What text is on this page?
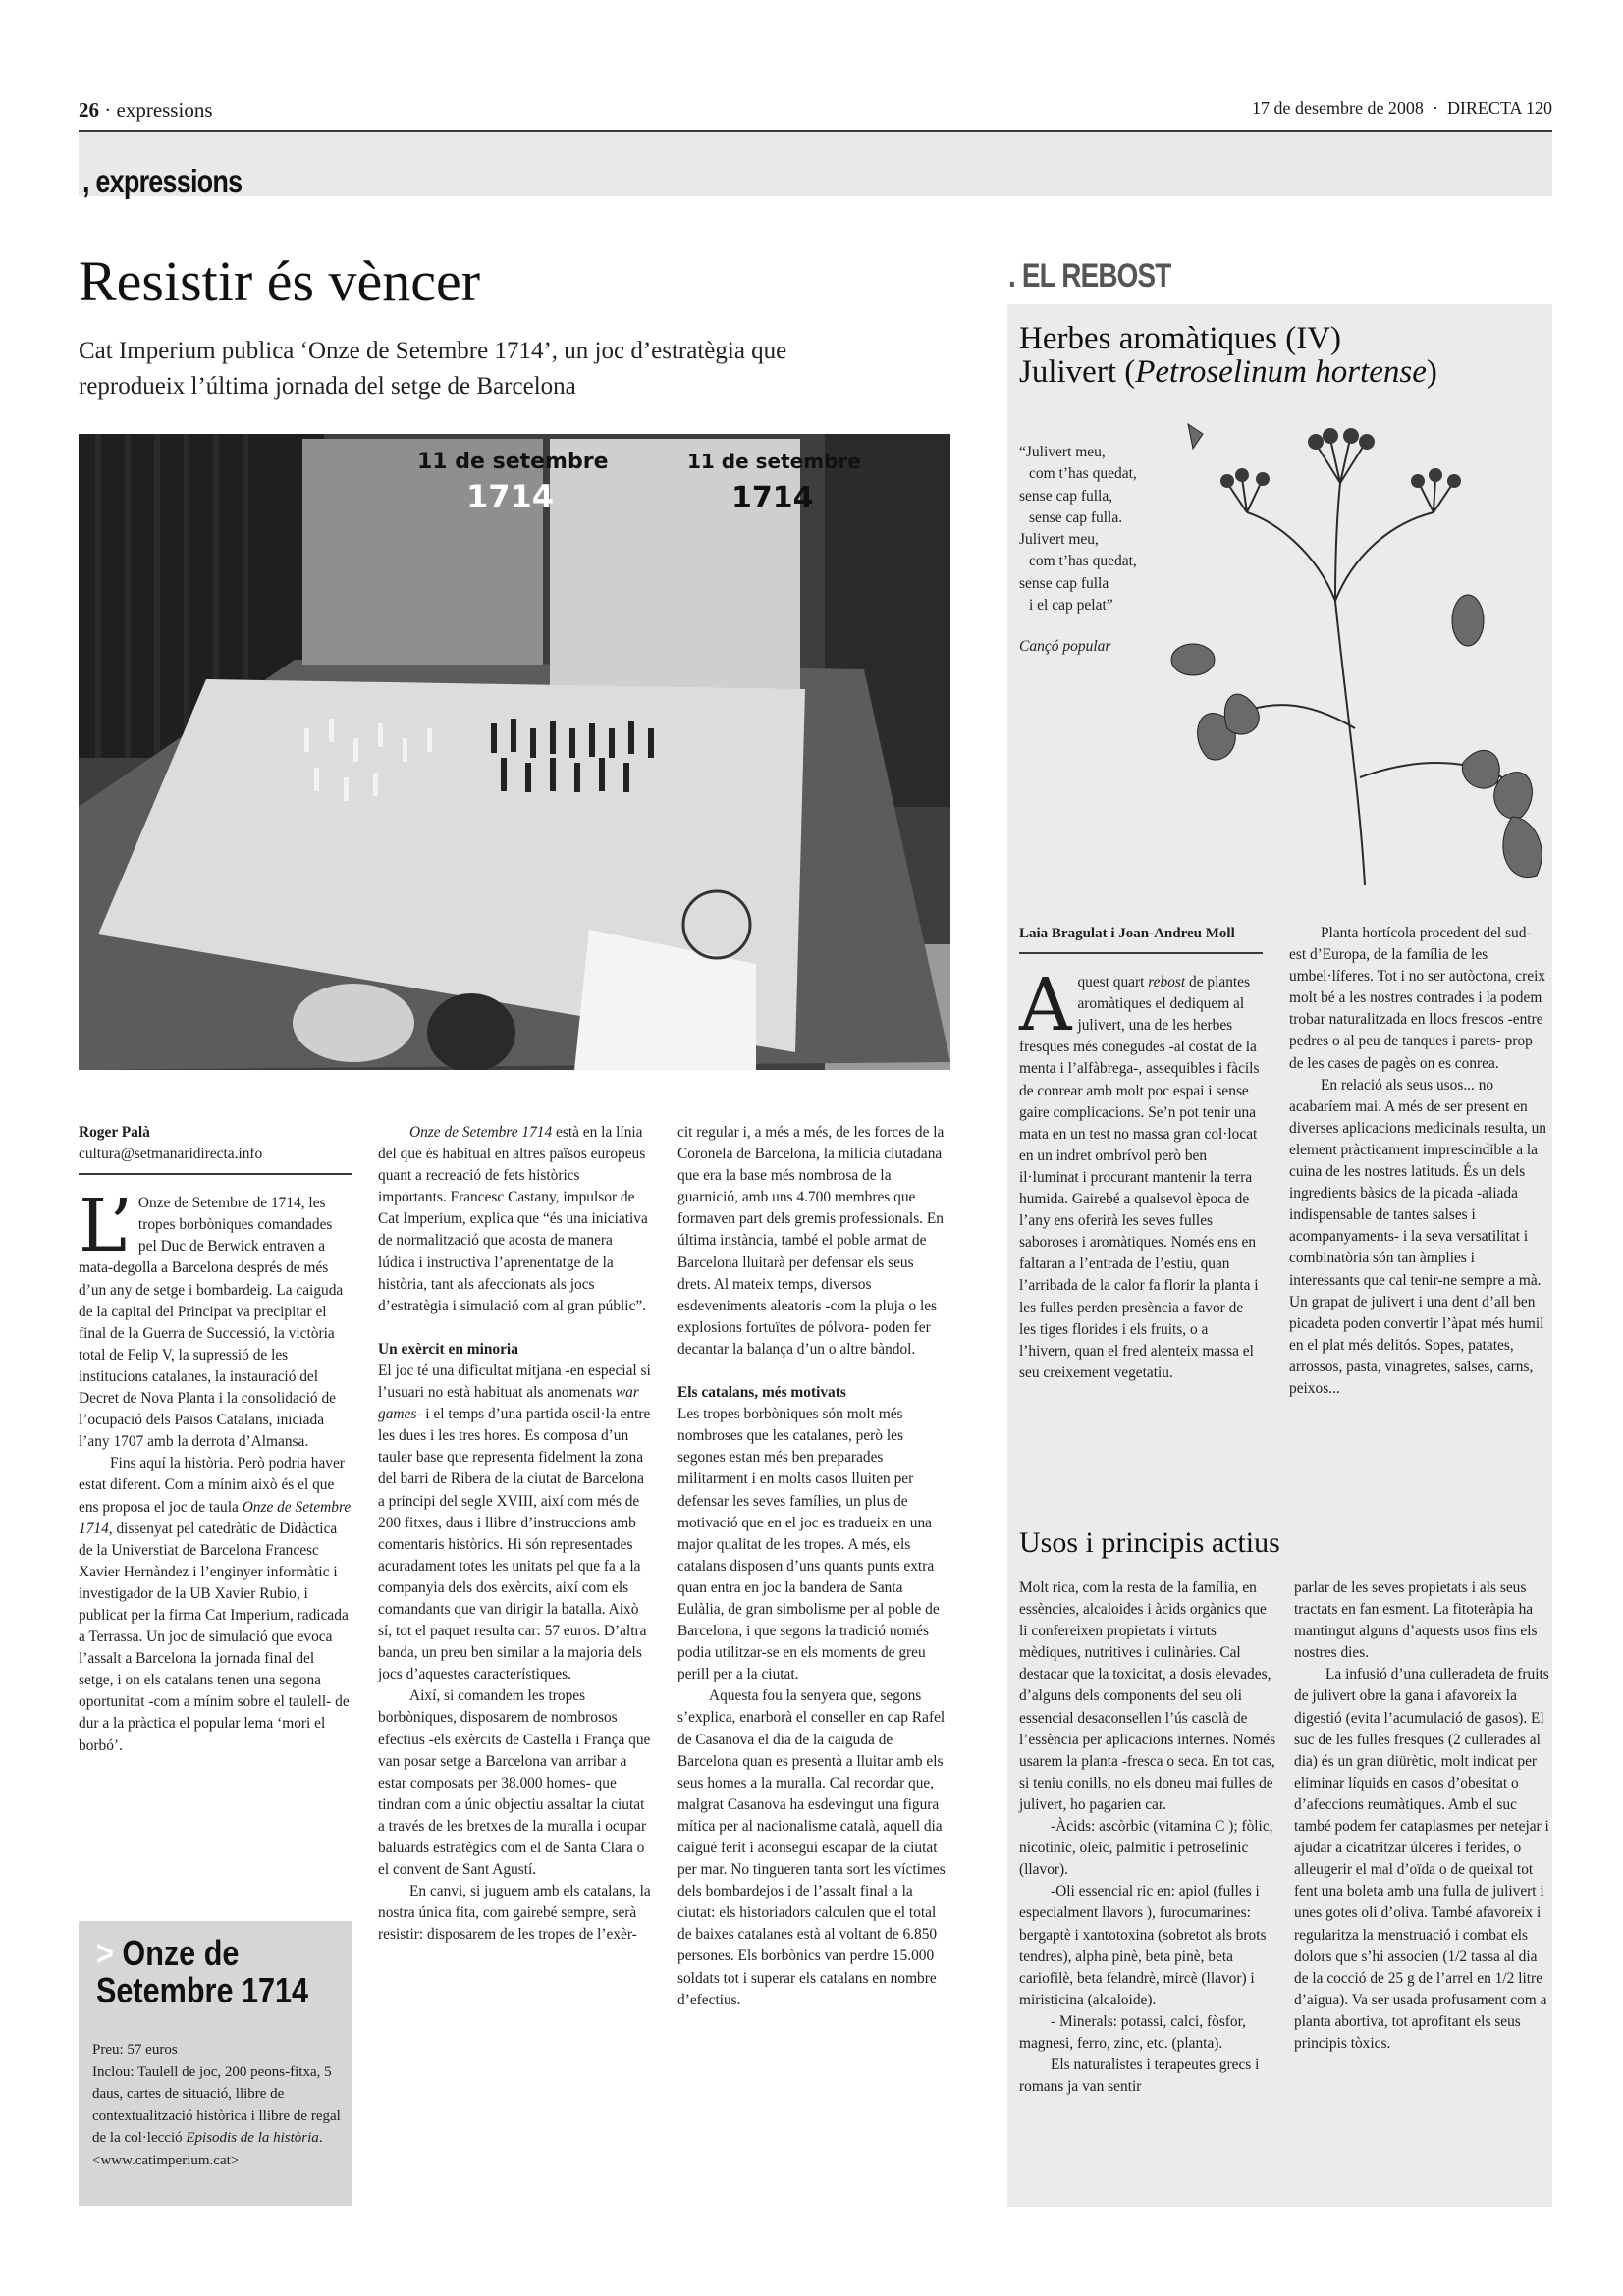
26 · expressions	17 de desembre de 2008  ·  DIRECTA 120
, expressions
Resistir és vèncer
Cat Imperium publica ‘Onze de Setembre 1714’, un joc d’estratègia que reprodueix l’última jornada del setge de Barcelona
11 de setembre
1714
11 de setembre
1714
Roger Palà
cultura@setmanaridirecta.info

L’ Onze de Setembre de 1714, les tropes borbòniques comandades pel Duc de Berwick entraven a mata-degolla a Barcelona després de més d’un any de setge i bombardeig. La caiguda de la capital del Principat va precipitar el final de la Guerra de Successió, la victòria total de Felip V, la supressió de les institucions catalanes, la instauració del Decret de Nova Planta i la consolidació de l’ocupació dels Països Catalans, iniciada l’any 1707 amb la derrota d’Almansa.

Fins aquí la història. Però podria haver estat diferent. Com a mínim això és el que ens proposa el joc de taula Onze de Setembre 1714, dissenyat pel catedràtic de Didàctica de la Universtiat de Barcelona Francesc Xavier Hernàndez i l’enginyer informàtic i investigador de la UB Xavier Rubio, i publicat per la firma Cat Imperium, radicada a Terrassa. Un joc de simulació que evoca l’assalt a Barcelona la jornada final del setge, i on els catalans tenen una segona oportunitat -com a mínim sobre el taulell- de dur a la pràctica el popular lema ‘mori el borbó’.

> Onze de
Setembre 1714

Preu: 57 euros

Inclou: Taulell de joc, 200 peons-fitxa, 5 daus, cartes de situació, llibre de contextualització històrica i llibre de regal de la col·lecció Episodis de la història.

<www.catimperium.cat>

Onze de Setembre 1714 està en la línia del que és habitual en altres països europeus quant a recreació de fets històrics importants. Francesc Castany, impulsor de Cat Imperium, explica que “és una iniciativa de normalització que acosta de manera lúdica i instructiva l’aprenentatge de la història, tant als afeccionats als jocs d’estratègia i simulació com al gran públic”.

Un exèrcit en minoria

El joc té una dificultat mitjana -en especial si l’usuari no està habituat als anomenats war games- i el temps d’una partida oscil·la entre les dues i les tres hores. Es composa d’un tauler base que representa fidelment la zona del barri de Ribera de la ciutat de Barcelona a principi del segle XVIII, així com més de 200 fitxes, daus i llibre d’instruccions amb comentaris històrics. Hi són representades acuradament totes les unitats pel que fa a la companyia dels dos exèrcits, així com els comandants que van dirigir la batalla. Això sí, tot el paquet resulta car: 57 euros. D’altra banda, un preu ben similar a la majoria dels jocs d’aquestes característiques.

Així, si comandem les tropes borbòniques, disposarem de nombrosos efectius -els exèrcits de Castella i França que van posar setge a Barcelona van arribar a estar composats per 38.000 homes- que tindran com a únic objectiu assaltar la ciutat a través de les bretxes de la muralla i ocupar baluards estratègics com el de Santa Clara o el convent de Sant Agustí.

En canvi, si juguem amb els catalans, la nostra única fita, com gairebé sempre, serà resistir: disposarem de les tropes de l’exèr-

cit regular i, a més a més, de les forces de la Coronela de Barcelona, la milícia ciutadana que era la base més nombrosa de la guarnició, amb uns 4.700 membres que formaven part dels gremis professionals. En última instància, també el poble armat de Barcelona lluitarà per defensar els seus drets. Al mateix temps, diversos esdeveniments aleatoris -com la pluja o les explosions fortuïtes de pólvora- poden fer decantar la balança d’un o altre bàndol.

Els catalans, més motivats

Les tropes borbòniques són molt més nombroses que les catalanes, però les segones estan més ben preparades militarment i en molts casos lluiten per defensar les seves famílies, un plus de motivació que en el joc es tradueix en una major qualitat de les tropes. A més, els catalans disposen d’uns quants punts extra quan entra en joc la bandera de Santa Eulàlia, de gran simbolisme per al poble de Barcelona, i que segons la tradició només podia utilitzar-se en els moments de greu perill per a la ciutat.

Aquesta fou la senyera que, segons s’explica, enarborà el conseller en cap Rafel de Casanova el dia de la caiguda de Barcelona quan es presentà a lluitar amb els seus homes a la muralla. Cal recordar que, malgrat Casanova ha esdevingut una figura mítica per al nacionalisme català, aquell dia caigué ferit i aconseguí escapar de la ciutat per mar. No tingueren tanta sort les víctimes dels bombardejos i de l’assalt final a la ciutat: els historiadors calculen que el total de baixes catalanes està al voltant de 6.850 persones. Els borbònics van perdre 15.000 soldats tot i superar els catalans en nombre d’efectius.

. EL REBOST
Herbes aromàtiques (IV)
Julivert (Petroselinum hortense)
“Julivert meu,
com t’has quedat,
sense cap fulla,
sense cap fulla.
Julivert meu,
com t’has quedat,
sense cap fulla
i el cap pelat”
Cançó popular
Laia Bragulat i Joan-Andreu Moll

Aquest quart rebost de plantes aromàtiques el dediquem al julivert, una de les herbes fresques més conegudes -al costat de la menta i l’alfàbrega-, assequibles i fàcils de conrear amb molt poc espai i sense gaire complicacions. Se’n pot tenir una mata en un test no massa gran col·locat en un indret ombrívol però ben il·luminat i procurant mantenir la terra humida. Gairebé a qualsevol època de l’any ens oferirà les seves fulles saboroses i aromàtiques. Només ens en faltaran a l’entrada de l’estiu, quan l’arribada de la calor fa florir la planta i les fulles perden presència a favor de les tiges florides i els fruits, o a l’hivern, quan el fred alenteix massa el seu creixement vegetatiu.

Planta hortícola procedent del sud-est d’Europa, de la família de les umbel·líferes. Tot i no ser autòctona, creix molt bé a les nostres contrades i la podem trobar naturalitzada en llocs frescos -entre pedres o al peu de tanques i parets- prop de les cases de pagès on es conrea.

En relació als seus usos... no acabaríem mai. A més de ser present en diverses aplicacions medicinals resulta, un element pràcticament imprescindible a la cuina de les nostres latituds. És un dels ingredients bàsics de la picada -aliada indispensable de tantes salses i acompanyaments- i la seva versatilitat i combinatòria són tan àmplies i interessants que cal tenir-ne sempre a mà. Un grapat de julivert i una dent d’all ben picadeta poden convertir l’àpat més humil en el plat més delitós. Sopes, patates, arrossos, pasta, vinagretes, salses, carns, peixos...

Usos i principis actius

Molt rica, com la resta de la família, en essències, alcaloides i àcids orgànics que li confereixen propietats i virtuts mèdiques, nutritives i culinàries. Cal destacar que la toxicitat, a dosis elevades, d’alguns dels components del seu oli essencial desaconsellen l’ús casolà de l’essència per aplicacions internes. Només usarem la planta -fresca o seca. En tot cas, si teniu conills, no els doneu mai fulles de julivert, ho pagarien car.

-Àcids: ascòrbic (vitamina C ); fòlic, nicotínic, oleic, palmític i petroselínic (llavor).

-Oli essencial ric en: apiol (fulles i especialment llavors ), furocumarines: bergaptè i xantotoxina (sobretot als brots tendres), alpha pinè, beta pinè, beta cariofilè, beta felandrè, mircè (llavor) i miristicina (alcaloide).

- Minerals: potassi, calci, fòsfor, magnesi, ferro, zinc, etc. (planta).

Els naturalistes i terapeutes grecs i romans ja van sentir

parlar de les seves propietats i als seus tractats en fan esment. La fitoteràpia ha mantingut alguns d’aquests usos fins els nostres dies.

La infusió d’una culleradeta de fruits de julivert obre la gana i afavoreix la digestió (evita l’acumulació de gasos). El suc de les fulles fresques (2 cullerades al dia) és un gran diürètic, molt indicat per eliminar líquids en casos d’obesitat o d’afeccions reumàtiques. Amb el suc també podem fer cataplasmes per netejar i ajudar a cicatritzar úlceres i ferides, o alleugerir el mal d’oïda o de queixal tot fent una boleta amb una fulla de julivert i unes gotes oli d’oliva. També afavoreix i regularitza la menstruació i combat els dolors que s’hi associen (1/2 tassa al dia de la cocció de 25 g de l’arrel en 1/2 litre d’aigua). Va ser usada profusament com a planta abortiva, tot aprofitant els seus principis tòxics.
